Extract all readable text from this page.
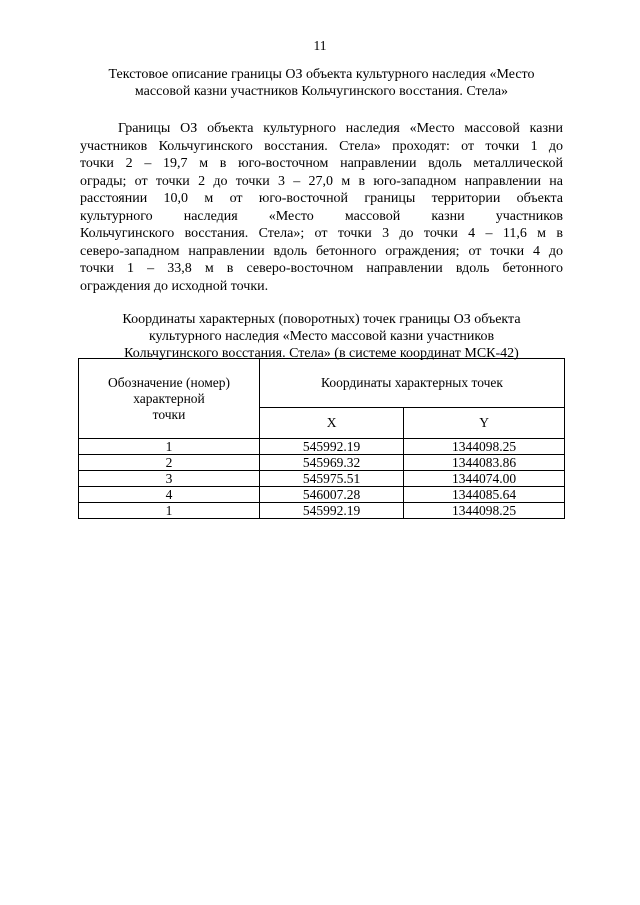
11
Текстовое описание границы ОЗ объекта культурного наследия «Место
массовой казни участников Кольчугинского восстания. Стела»
Границы ОЗ объекта культурного наследия «Место массовой казни
участников Кольчугинского восстания. Стела» проходят: от точки 1 до
точки 2 – 19,7 м в юго-восточном направлении вдоль металлической
ограды; от точки 2 до точки 3 – 27,0 м в юго-западном направлении на
расстоянии 10,0 м от юго-восточной границы территории объекта
культурного наследия «Место массовой казни участников
Кольчугинского восстания. Стела»; от точки 3 до точки 4 – 11,6 м в
северо-западном направлении вдоль бетонного ограждения; от точки 4 до
точки 1 – 33,8 м в северо-восточном направлении вдоль бетонного
ограждения до исходной точки.
Координаты характерных (поворотных) точек границы ОЗ объекта
культурного наследия «Место массовой казни участников
Кольчугинского восстания. Стела» (в системе координат МСК-42)
Обозначение (номер)
характерной
точки	Координаты характерных точек	
	X	Y
1	545992.19	1344098.25
2	545969.32	1344083.86
3	545975.51	1344074.00
4	546007.28	1344085.64
1	545992.19	1344098.25
